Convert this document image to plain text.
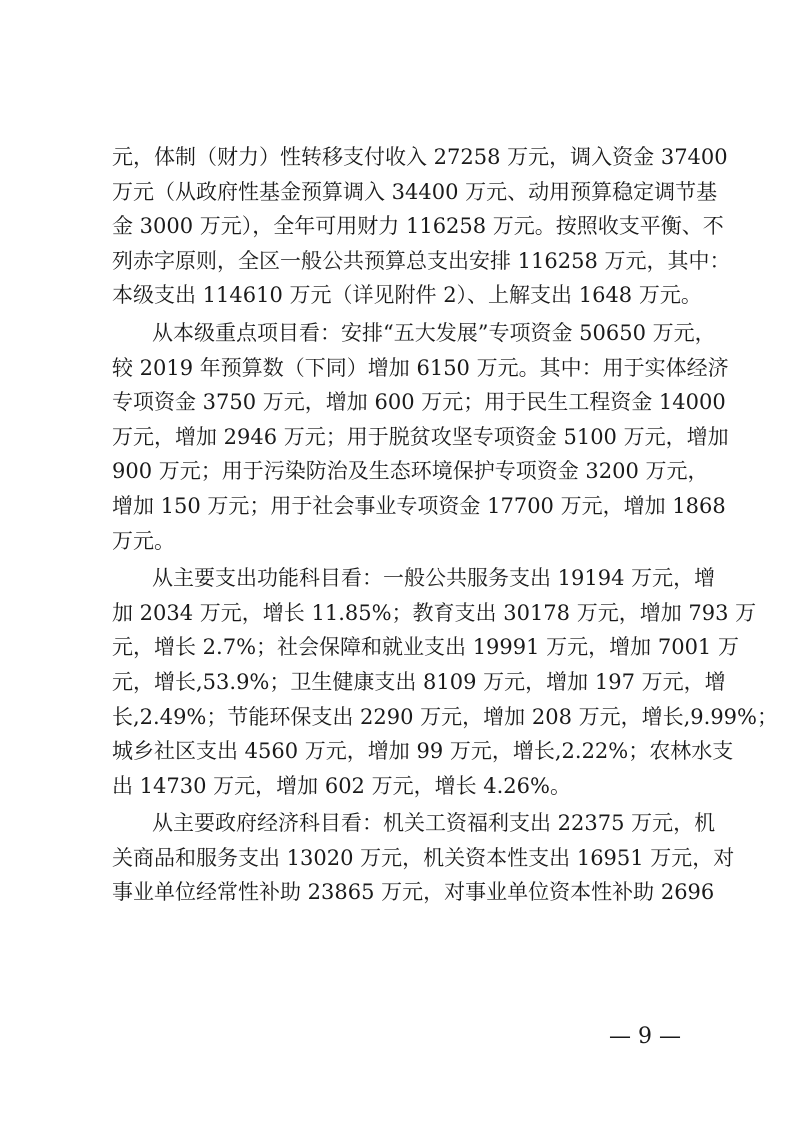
元，体制（财力）性转移支付收入 27258 万元，调入资金 37400
万元（从政府性基金预算调入 34400 万元、动用预算稳定调节基
金 3000 万元），全年可用财力 116258 万元。按照收支平衡、不
列赤字原则，全区一般公共预算总支出安排 116258 万元，其中：
本级支出 114610 万元（详见附件 2）、上解支出 1648 万元。
从本级重点项目看：安排“五大发展”专项资金 50650 万元，
较 2019 年预算数（下同）增加 6150 万元。其中：用于实体经济
专项资金 3750 万元，增加 600 万元；用于民生工程资金 14000
万元，增加 2946 万元；用于脱贫攻坚专项资金 5100 万元，增加
900 万元；用于污染防治及生态环境保护专项资金 3200 万元，
增加 150 万元；用于社会事业专项资金 17700 万元，增加 1868
万元。
从主要支出功能科目看：一般公共服务支出 19194 万元，增
加 2034 万元，增长 11.85%；教育支出 30178 万元，增加 793 万
元，增长 2.7%；社会保障和就业支出 19991 万元，增加 7001 万
元，增长,53.9%；卫生健康支出 8109 万元，增加 197 万元，增
长,2.49%；节能环保支出 2290 万元，增加 208 万元，增长,9.99%；
城乡社区支出 4560 万元，增加 99 万元，增长,2.22%；农林水支
出 14730 万元，增加 602 万元，增长 4.26%。
从主要政府经济科目看：机关工资福利支出 22375 万元，机
关商品和服务支出 13020 万元，机关资本性支出 16951 万元，对
事业单位经常性补助 23865 万元，对事业单位资本性补助 2696
— 9 —
